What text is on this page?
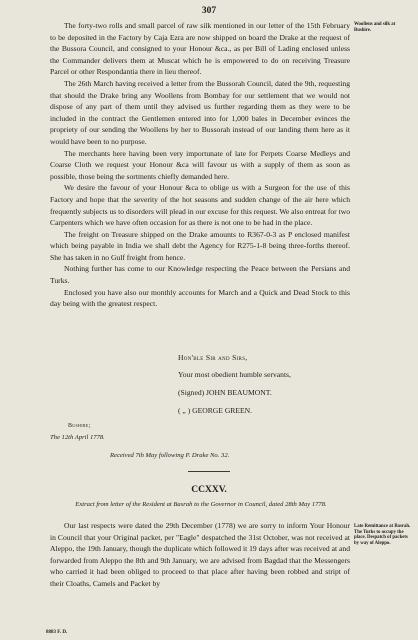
307

The forty-two rolls and small parcel of raw silk mentioned in our letter of the 15th February to be deposited in the Factory by Caja Ezra are now shipped on board the Drake at the request of the Bussora Council, and consigned to your Honour &ca., as per Bill of Lading enclosed unless the Commander delivers them at Muscat which he is empowered to do on receiving Treasure Parcel or other Respondantia there in lieu thereof.

The 26th March having received a letter from the Bussorah Council, dated the 9th, requesting that should the Drake bring any Woollens from Bombay for our settlement that we would not dispose of any part of them until they advised us further regarding them as they were to be included in the contract the Gentlemen entered into for 1,000 bales in December evinces the propriety of our sending the Woollens by her to Bussorah instead of our landing them here as it would have been to no purpose.

The merchants here having been very importunate of late for Perpets Coarse Medleys and Coarse Cloth we request your Honour &ca will favour us with a supply of them as soon as possible, those being the sortments chiefly demanded here.

We desire the favour of your Honour &ca to oblige us with a Surgeon for the use of this Factory and hope that the severity of the hot seasons and sudden change of the air here which frequently subjects us to disorders will plead in our excuse for this request. We also entreat for two Carpenters which we have often occasion for as there is not one to be had in the place.

The freight on Treasure shipped on the Drake amounts to R367-0-3 as P enclosed manifest which being payable in India we shall debt the Agency for R275-1-8 being three-forths thereof. She has taken in no Gulf freight from hence.

Nothing further has come to our Knowledge respecting the Peace between the Persians and Turks.

Enclosed you have also our monthly accounts for March and a Quick and Dead Stock to this day being with the greatest respect.

Woollens and silk at Bushire.
Hon'ble Sir and Sirs,
Your most obedient humble servants,
(Signed) JOHN BEAUMONT.
( „ ) GEORGE GREEN.
Bushire;
The 12th April 1778.
Received 7th May following P. Drake No. 32.
CCXXV.
Extract from letter of the Resident at Basrah to the Governor in Council, dated 28th May 1778.

Our last respects were dated the 29th December (1778) we are sorry to inform Your Honour in Council that your Original packet, per "Eagle" despatched the 31st October, was not received at Aleppo, the 19th January, though the duplicate which followed it 19 days after was received at and forwarded from Aleppo the 8th and 9th January, we are advised from Bagdad that the Messengers who carried it had been obliged to proceed to that place after having been robbed and stript of their Cloaths, Camels and Packet by

Late Remittance at Basrah. The Turks to occupy the place. Despatch of packets by way of Aleppo.
8883 F. D.
